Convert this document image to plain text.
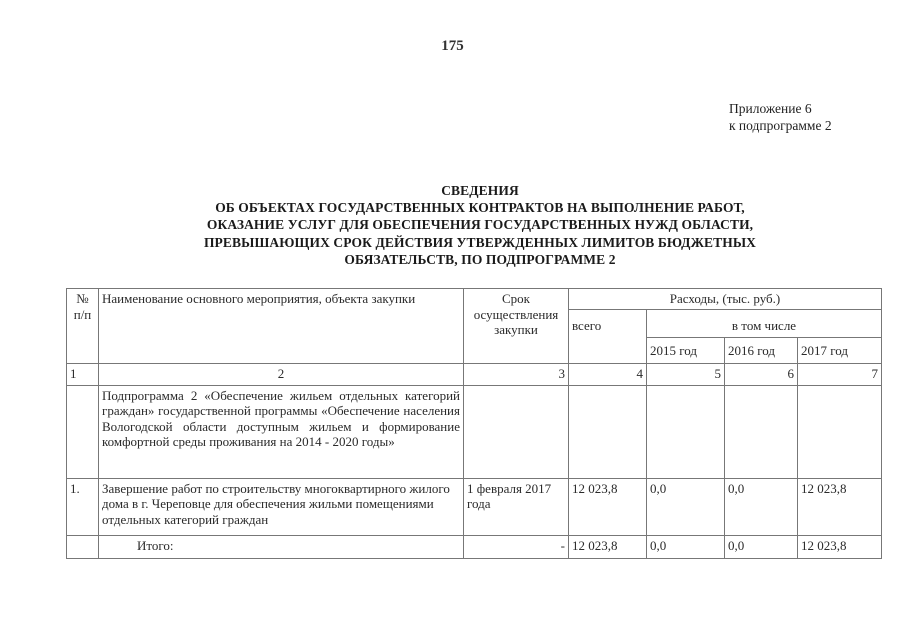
175
Приложение 6
к подпрограмме 2
СВЕДЕНИЯ
ОБ ОБЪЕКТАХ ГОСУДАРСТВЕННЫХ КОНТРАКТОВ НА ВЫПОЛНЕНИЕ РАБОТ,
ОКАЗАНИЕ УСЛУГ ДЛЯ ОБЕСПЕЧЕНИЯ ГОСУДАРСТВЕННЫХ НУЖД ОБЛАСТИ,
ПРЕВЫШАЮЩИХ СРОК ДЕЙСТВИЯ УТВЕРЖДЕННЫХ ЛИМИТОВ БЮДЖЕТНЫХ
ОБЯЗАТЕЛЬСТВ, ПО ПОДПРОГРАММЕ 2
№ п/п	Наименование основного мероприятия, объекта закупки	Срок осуществления закупки	Расходы, (тыс. руб.)			
			всего	в том числе		
				2015 год	2016 год	2017 год
1	2	3	4	5	6	7
	Подпрограмма 2 «Обеспечение жильем отдельных категорий граждан» государственной программы «Обеспечение населения Вологодской области доступным жильем и формирование комфортной среды проживания на 2014 - 2020 годы»					
1.	Завершение работ по строительству многоквартирного жилого дома в г. Череповце для обеспечения жильми помещениями отдельных категорий граждан	1 февраля 2017 года	12 023,8	0,0	0,0	12 023,8
	Итого:	-	12 023,8	0,0	0,0	12 023,8
